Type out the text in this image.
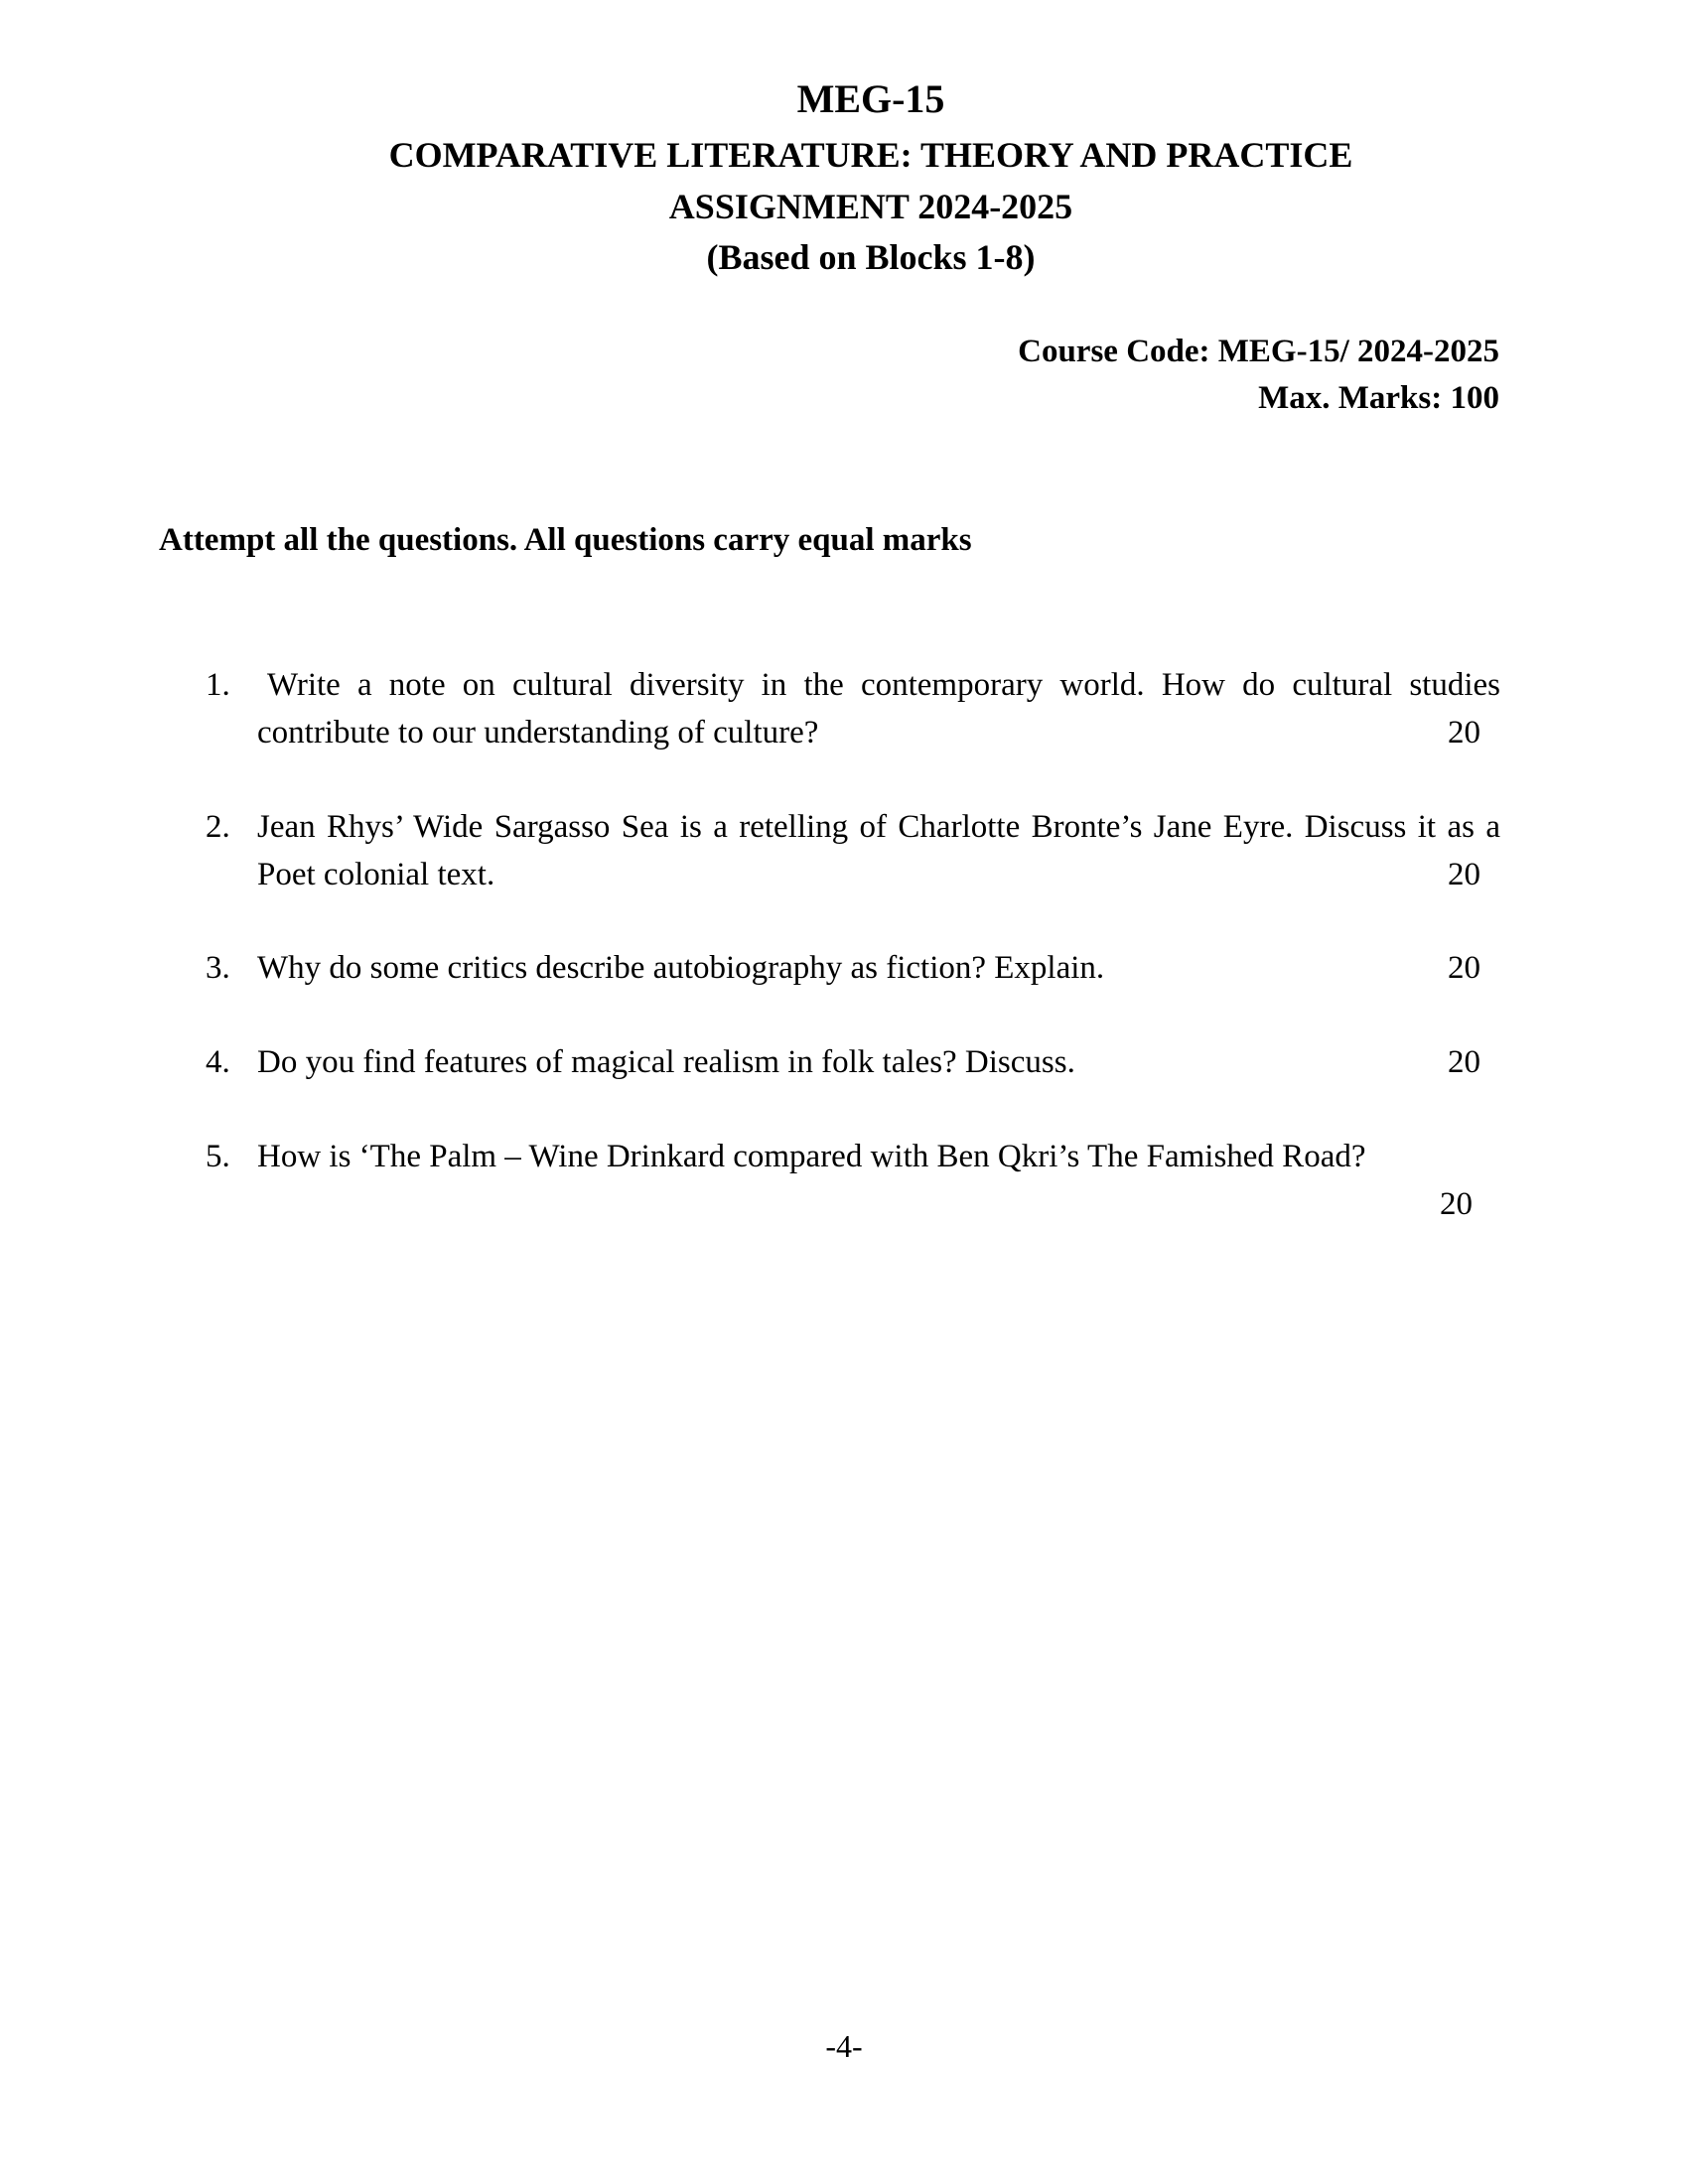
MEG-15
COMPARATIVE LITERATURE: THEORY AND PRACTICE
ASSIGNMENT 2024-2025
(Based on Blocks 1-8)
Course Code: MEG-15/ 2024-2025
Max. Marks: 100
Attempt all the questions. All questions carry equal marks
1.	Write a note on cultural diversity in the contemporary world. How do cultural studies contribute to our understanding of culture?	20
2. Jean Rhys’ Wide Sargasso Sea is a retelling of Charlotte Bronte’s Jane Eyre. Discuss it as a Poet colonial text.	20
3. Why do some critics describe autobiography as fiction? Explain.	20
4. Do you find features of magical realism in folk tales? Discuss.	20
5. How is ‘The Palm – Wine Drinkard compared with Ben Qkri’s The Famished Road?
20
-4-
